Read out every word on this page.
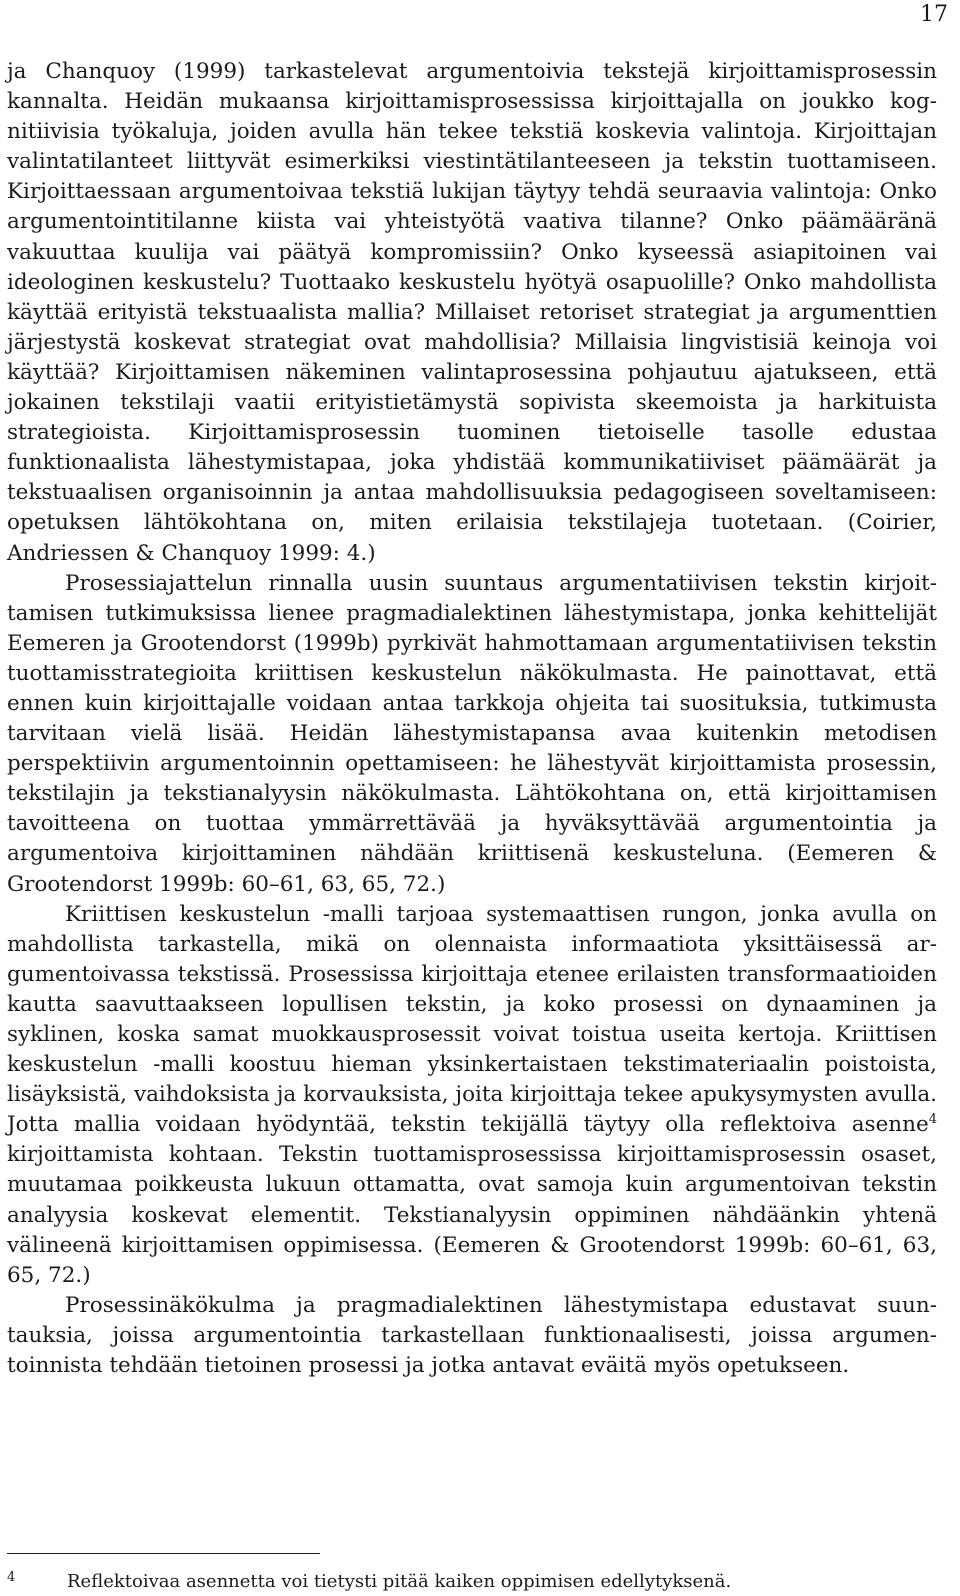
17

ja Chanquoy (1999) tarkastelevat argumentoivia tekstejä kirjoittamisprosessin kannalta. Heidän mukaansa kirjoittamisprosessissa kirjoittajalla on joukko kognitiivisia työkaluja, joiden avulla hän tekee tekstiä koskevia valintoja. Kirjoittajan valintatilanteet liittyvät esimerkiksi viestintätilanteeseen ja tekstin tuottamiseen. Kirjoittaessaan argumentoivaa tekstiä lukijan täytyy tehdä seuraavia valintoja: Onko argumentointitilanne kiista vai yhteistyötä vaativa tilanne? Onko päämääränä vakuuttaa kuulija vai päätyä kompromissiin? Onko kyseessä asiapitoinen vai ideologinen keskustelu? Tuottaako keskustelu hyötyä osapuolille? Onko mahdollista käyttää erityistä tekstuaalista mallia? Millaiset retoriset strategiat ja argumenttien järjestystä koskevat strategiat ovat mahdollisia? Millaisia lingvistisiä keinoja voi käyttää? Kirjoittamisen näkeminen valintaprosessina pohjautuu ajatukseen, että jokainen tekstilaji vaatii erityistietämystä sopivista skeemoista ja harkituista strategioista. Kirjoittamisprosessin tuominen tietoiselle tasolle edustaa funktionaalista lähestymistapaa, joka yhdistää kommunikatiiviset päämäärät ja tekstuaalisen organisoinnin ja antaa mahdollisuuksia pedagogiseen soveltamiseen: opetuksen lähtökohtana on, miten erilaisia tekstilajeja tuotetaan. (Coirier, Andriessen & Chanquoy 1999: 4.)

Prosessiajattelun rinnalla uusin suuntaus argumentatiivisen tekstin kirjoittamisen tutkimuksissa lienee pragmadialektinen lähestymistapa, jonka kehittelijät Eemeren ja Grootendorst (1999b) pyrkivät hahmottamaan argumentatiivisen tekstin tuottamisstrategioita kriittisen keskustelun näkökulmasta. He painottavat, että ennen kuin kirjoittajalle voidaan antaa tarkkoja ohjeita tai suosituksia, tutkimusta tarvitaan vielä lisää. Heidän lähestymistapansa avaa kuitenkin metodisen perspektiivin argumentoinnin opettamiseen: he lähestyvät kirjoittamista prosessin, tekstilajin ja tekstianalyysin näkökulmasta. Lähtökohtana on, että kirjoittamisen tavoitteena on tuottaa ymmärrettävää ja hyväksyttävää argumentointia ja argumentoiva kirjoittaminen nähdään kriittisenä keskusteluna. (Eemeren & Grootendorst 1999b: 60–61, 63, 65, 72.)

Kriittisen keskustelun -malli tarjoaa systemaattisen rungon, jonka avulla on mahdollista tarkastella, mikä on olennaista informaatiota yksittäisessä argumentoivassa tekstissä. Prosessissa kirjoittaja etenee erilaisten transformaatioiden kautta saavuttaakseen lopullisen tekstin, ja koko prosessi on dynaaminen ja syklinen, koska samat muokkausprosessit voivat toistua useita kertoja. Kriittisen keskustelun -malli koostuu hieman yksinkertaistaen tekstimateriaalin poistoista, lisäyksistä, vaihdoksista ja korvauksista, joita kirjoittaja tekee apukysymysten avulla. Jotta mallia voidaan hyödyntää, tekstin tekijällä täytyy olla reflektoiva asenne$^4$ kirjoittamista kohtaan. Tekstin tuottamisprosessissa kirjoittamisprosessin osaset, muutamaa poikkeusta lukuun ottamatta, ovat samoja kuin argumentoivan tekstin analyysia koskevat elementit. Tekstianalyysin oppiminen nähdäänkin yhtenä välineenä kirjoittamisen oppimisessa. (Eemeren & Grootendorst 1999b: 60–61, 63, 65, 72.)

Prosessinäkökulma ja pragmadialektinen lähestymistapa edustavat suuntauksia, joissa argumentointia tarkastellaan funktionaalisesti, joissa argumentoinnista tehdään tietoinen prosessi ja jotka antavat eväitä myös opetukseen.

4	Reflektoivaa asennetta voi tietysti pitää kaiken oppimisen edellytyksenä.
